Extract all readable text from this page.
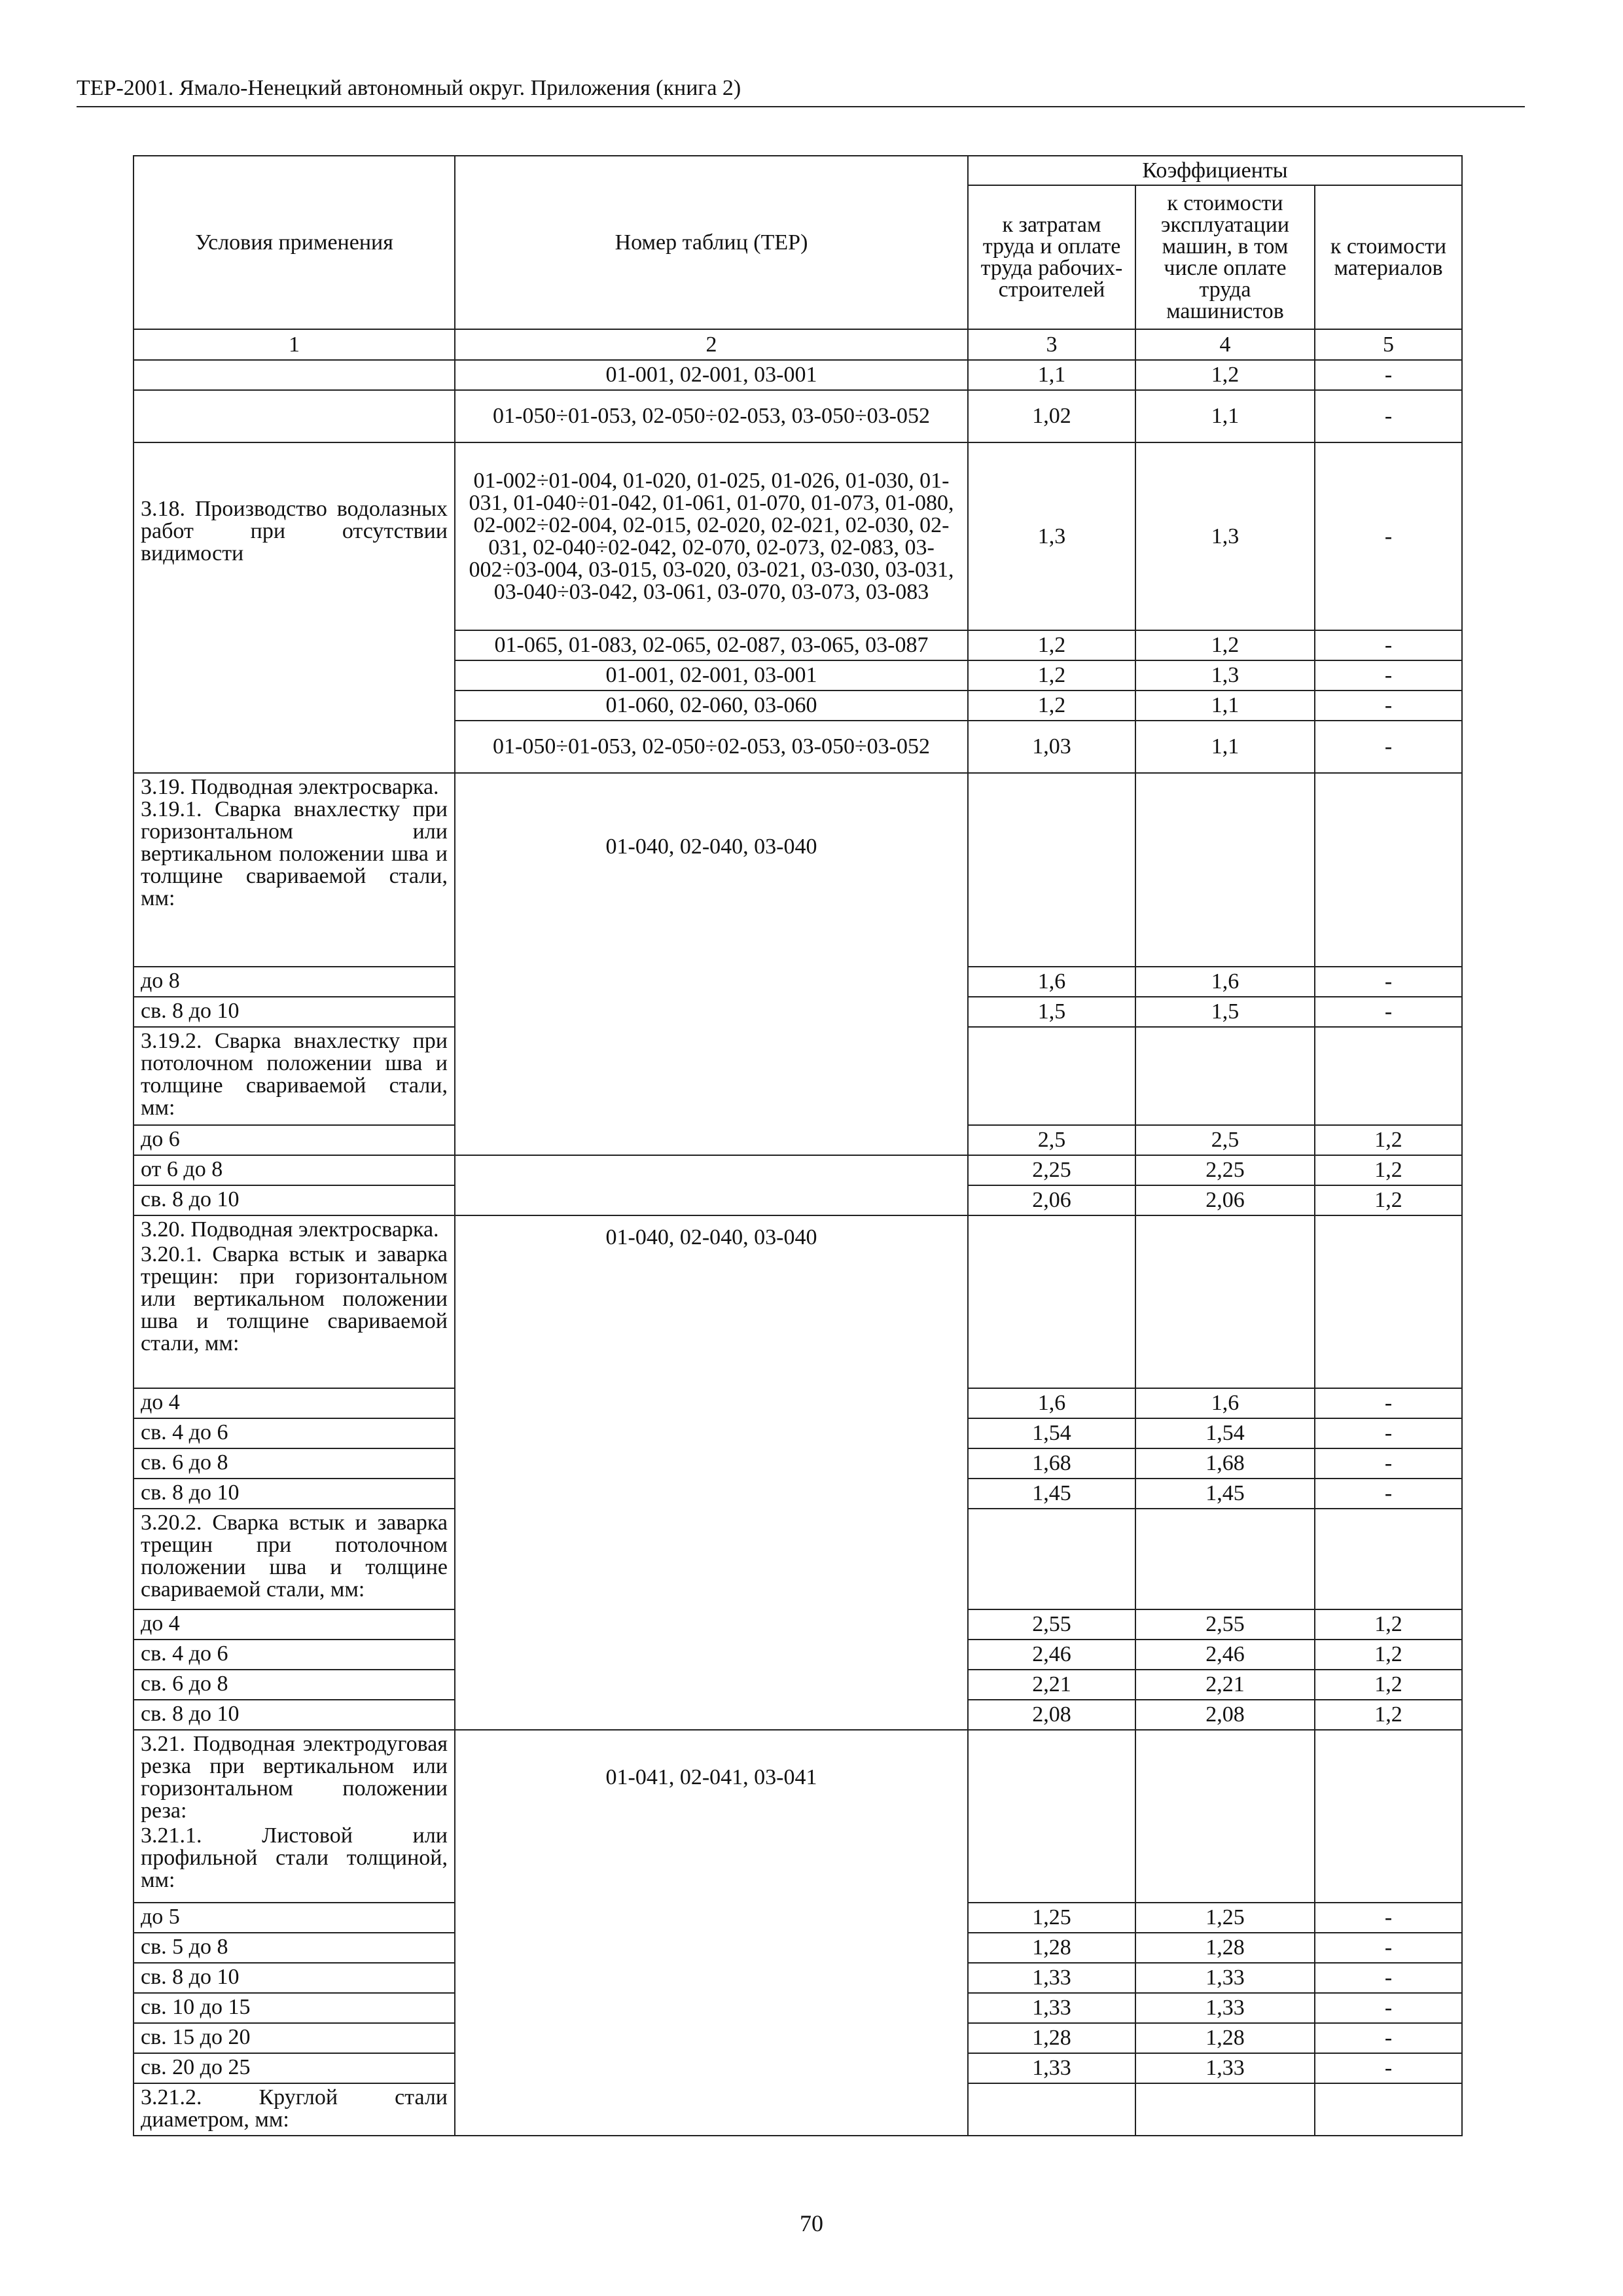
ТЕР-2001. Ямало-Ненецкий автономный округ. Приложения (книга 2)
Условия применения	Номер таблиц (ТЕР)	Коэффициенты		
		к затратам труда и оплате труда рабочих-строителей	к стоимости эксплуатации машин, в том числе оплате труда машинистов	к стоимости материалов
1	2	3	4	5
	01-001, 02-001, 03-001	1,1	1,2	-
	01-050÷01-053, 02-050÷02-053, 03-050÷03-052	1,02	1,1	-
3.18. Производство водолазных работ при отсутствии видимости	01-002÷01-004, 01-020, 01-025, 01-026, 01-030, 01-031, 01-040÷01-042, 01-061, 01-070, 01-073, 01-080, 02-002÷02-004, 02-015, 02-020, 02-021, 02-030, 02-031, 02-040÷02-042, 02-070, 02-073, 02-083, 03-002÷03-004, 03-015, 03-020, 03-021, 03-030, 03-031, 03-040÷03-042, 03-061, 03-070, 03-073, 03-083	1,3	1,3	-
	01-065, 01-083, 02-065, 02-087, 03-065, 03-087	1,2	1,2	-
	01-001, 02-001, 03-001	1,2	1,3	-
	01-060, 02-060, 03-060	1,2	1,1	-
	01-050÷01-053, 02-050÷02-053, 03-050÷03-052	1,03	1,1	-

3.19. Подводная электросварка.
3.19.1. Сварка внахлестку при горизонтальном или вертикальном положении шва и толщине свариваемой стали, мм:	01-040, 02-040, 03-040			
до 8		1,6	1,6	-
св. 8 до 10		1,5	1,5	-
3.19.2. Сварка внахлестку при потолочном положении шва и толщине свариваемой стали, мм:				
до 6		2,5	2,5	1,2
от 6 до 8		2,25	2,25	1,2
св. 8 до 10		2,06	2,06	1,2

3.20. Подводная электросварка.
3.20.1. Сварка встык и заварка трещин: при горизонтальном или вертикальном положении шва и толщине свариваемой стали, мм:	01-040, 02-040, 03-040			
до 4		1,6	1,6	-
св. 4 до 6		1,54	1,54	-
св. 6 до 8		1,68	1,68	-
св. 8 до 10		1,45	1,45	-
3.20.2. Сварка встык и заварка трещин при потолочном положении шва и толщине свариваемой стали, мм:				
до 4		2,55	2,55	1,2
св. 4 до 6		2,46	2,46	1,2
св. 6 до 8		2,21	2,21	1,2
св. 8 до 10		2,08	2,08	1,2

3.21. Подводная электродуговая резка при вертикальном или горизонтальном положении реза:
3.21.1. Листовой или профильной стали толщиной, мм:	01-041, 02-041, 03-041			
до 5		1,25	1,25	-
св. 5 до 8		1,28	1,28	-
св. 8 до 10		1,33	1,33	-
св. 10 до 15		1,33	1,33	-
св. 15 до 20		1,28	1,28	-
св. 20 до 25		1,33	1,33	-
3.21.2. Круглой стали диаметром, мм:				
70
